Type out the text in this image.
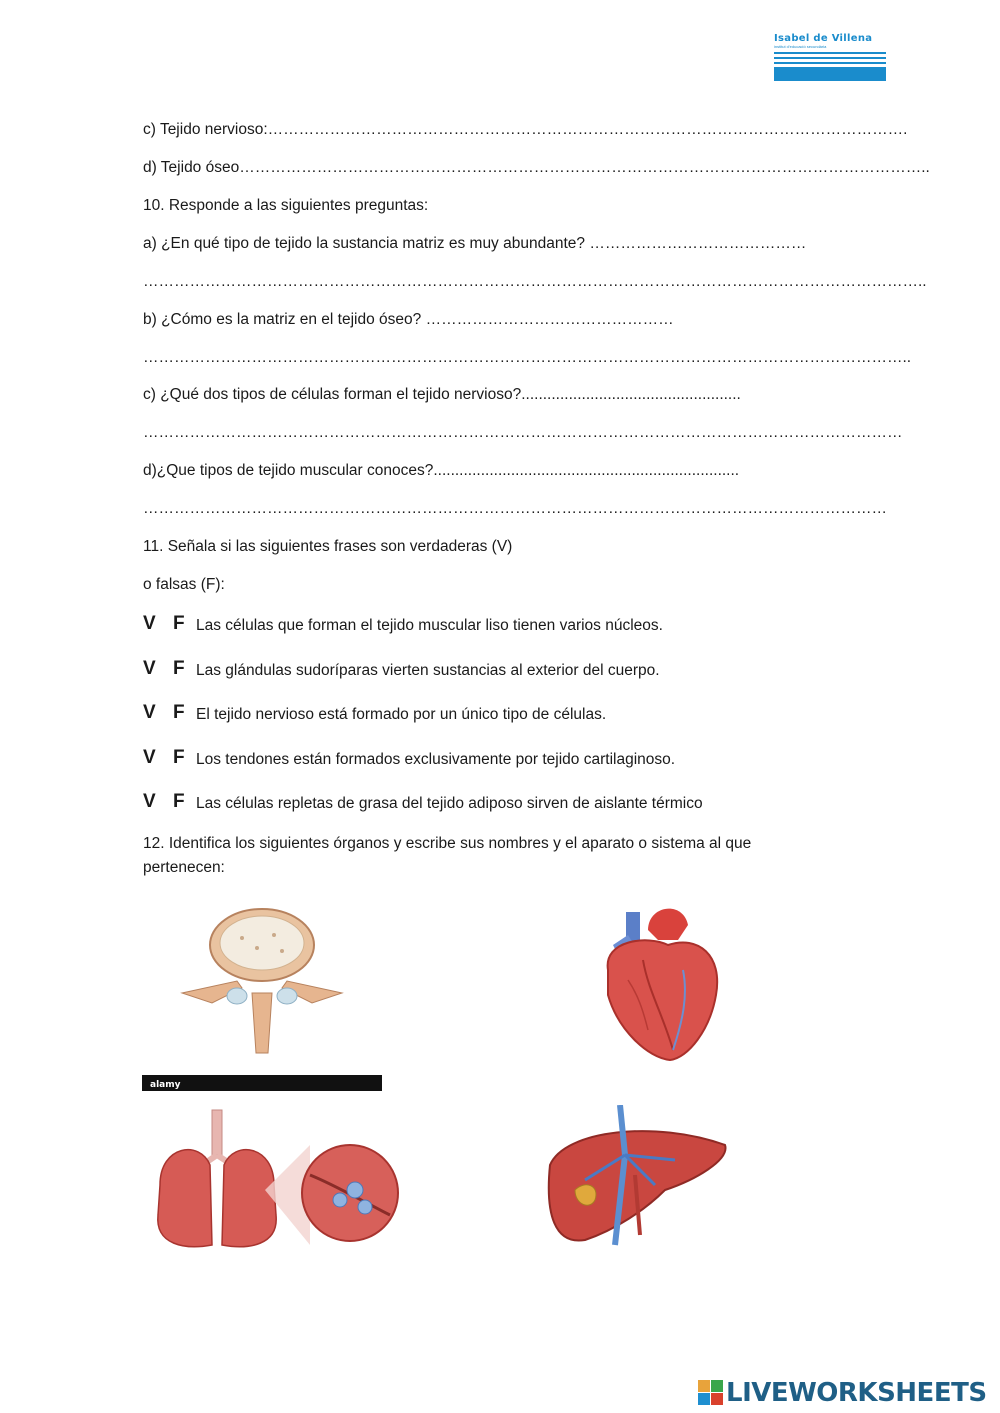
Isabel de Villena
institut d'educació secundària
c) Tejido nervioso:…………………………………………………………………………………………………………….
d) Tejido óseo……………………………………………………………………………………………………………………..
10. Responde a las siguientes preguntas:
a) ¿En qué tipo de tejido la sustancia matriz es muy abundante? ……………………………………
……………………………………………………………………………………………………………………………………..
b) ¿Cómo es la matriz en el tejido óseo? …………………………………………
…………………………………………………………………………………………………………………………………..
c) ¿Qué dos tipos de células forman el tejido nervioso?...................................................
…………………………………………………………………………………………………………………………………
d)¿Que tipos de tejido muscular conoces?.......................................................................
………………………………………………………………………………………………………………………………
11. Señala si las siguientes frases son verdaderas (V)
o falsas (F):
V F Las células que forman el tejido muscular liso tienen varios núcleos.
V F Las glándulas sudoríparas vierten sustancias al exterior del cuerpo.
V F El tejido nervioso está formado por un único tipo de células.
V F Los tendones están formados exclusivamente por tejido cartilaginoso.
V F Las células repletas de grasa del tejido adiposo sirven de aislante térmico
12. Identifica los siguientes órganos y escribe sus nombres y el aparato o sistema al que
pertenecen:
alamy
LIVEWORKSHEETS
